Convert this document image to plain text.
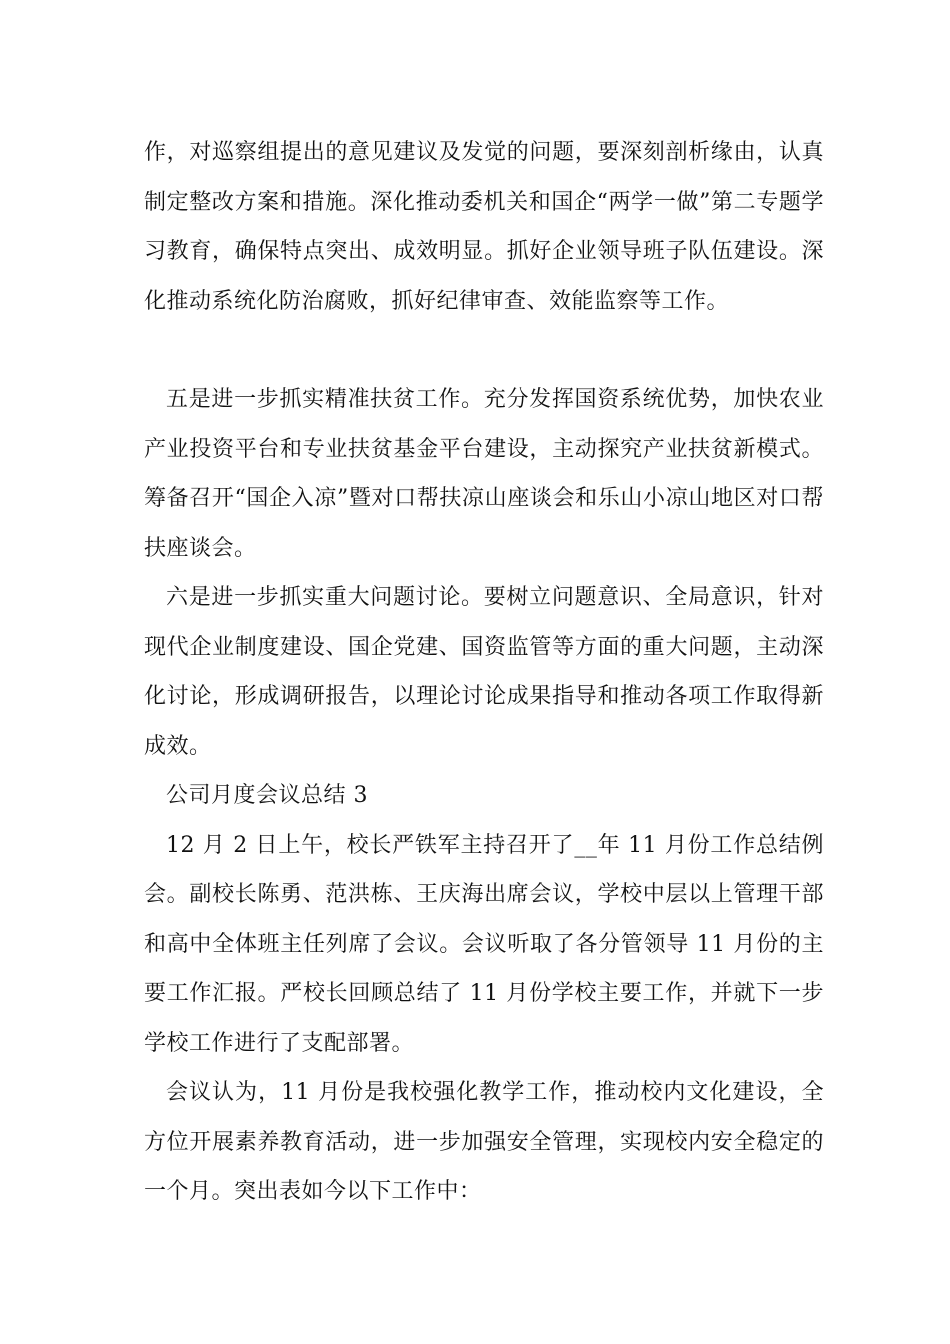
作，对巡察组提出的意见建议及发觉的问题，要深刻剖析缘由，认真制定整改方案和措施。深化推动委机关和国企“两学一做”第二专题学习教育，确保特点突出、成效明显。抓好企业领导班子队伍建设。深化推动系统化防治腐败，抓好纪律审查、效能监察等工作。

五是进一步抓实精准扶贫工作。充分发挥国资系统优势，加快农业产业投资平台和专业扶贫基金平台建设，主动探究产业扶贫新模式。筹备召开“国企入凉”暨对口帮扶凉山座谈会和乐山小凉山地区对口帮扶座谈会。

六是进一步抓实重大问题讨论。要树立问题意识、全局意识，针对现代企业制度建设、国企党建、国资监管等方面的重大问题，主动深化讨论，形成调研报告，以理论讨论成果指导和推动各项工作取得新成效。

公司月度会议总结 3

12 月 2 日上午，校长严铁军主持召开了__年 11 月份工作总结例会。副校长陈勇、范洪栋、王庆海出席会议，学校中层以上管理干部和高中全体班主任列席了会议。会议听取了各分管领导 11 月份的主要工作汇报。严校长回顾总结了 11 月份学校主要工作，并就下一步学校工作进行了支配部署。

会议认为，11 月份是我校强化教学工作，推动校内文化建设，全方位开展素养教育活动，进一步加强安全管理，实现校内安全稳定的一个月。突出表如今以下工作中：
